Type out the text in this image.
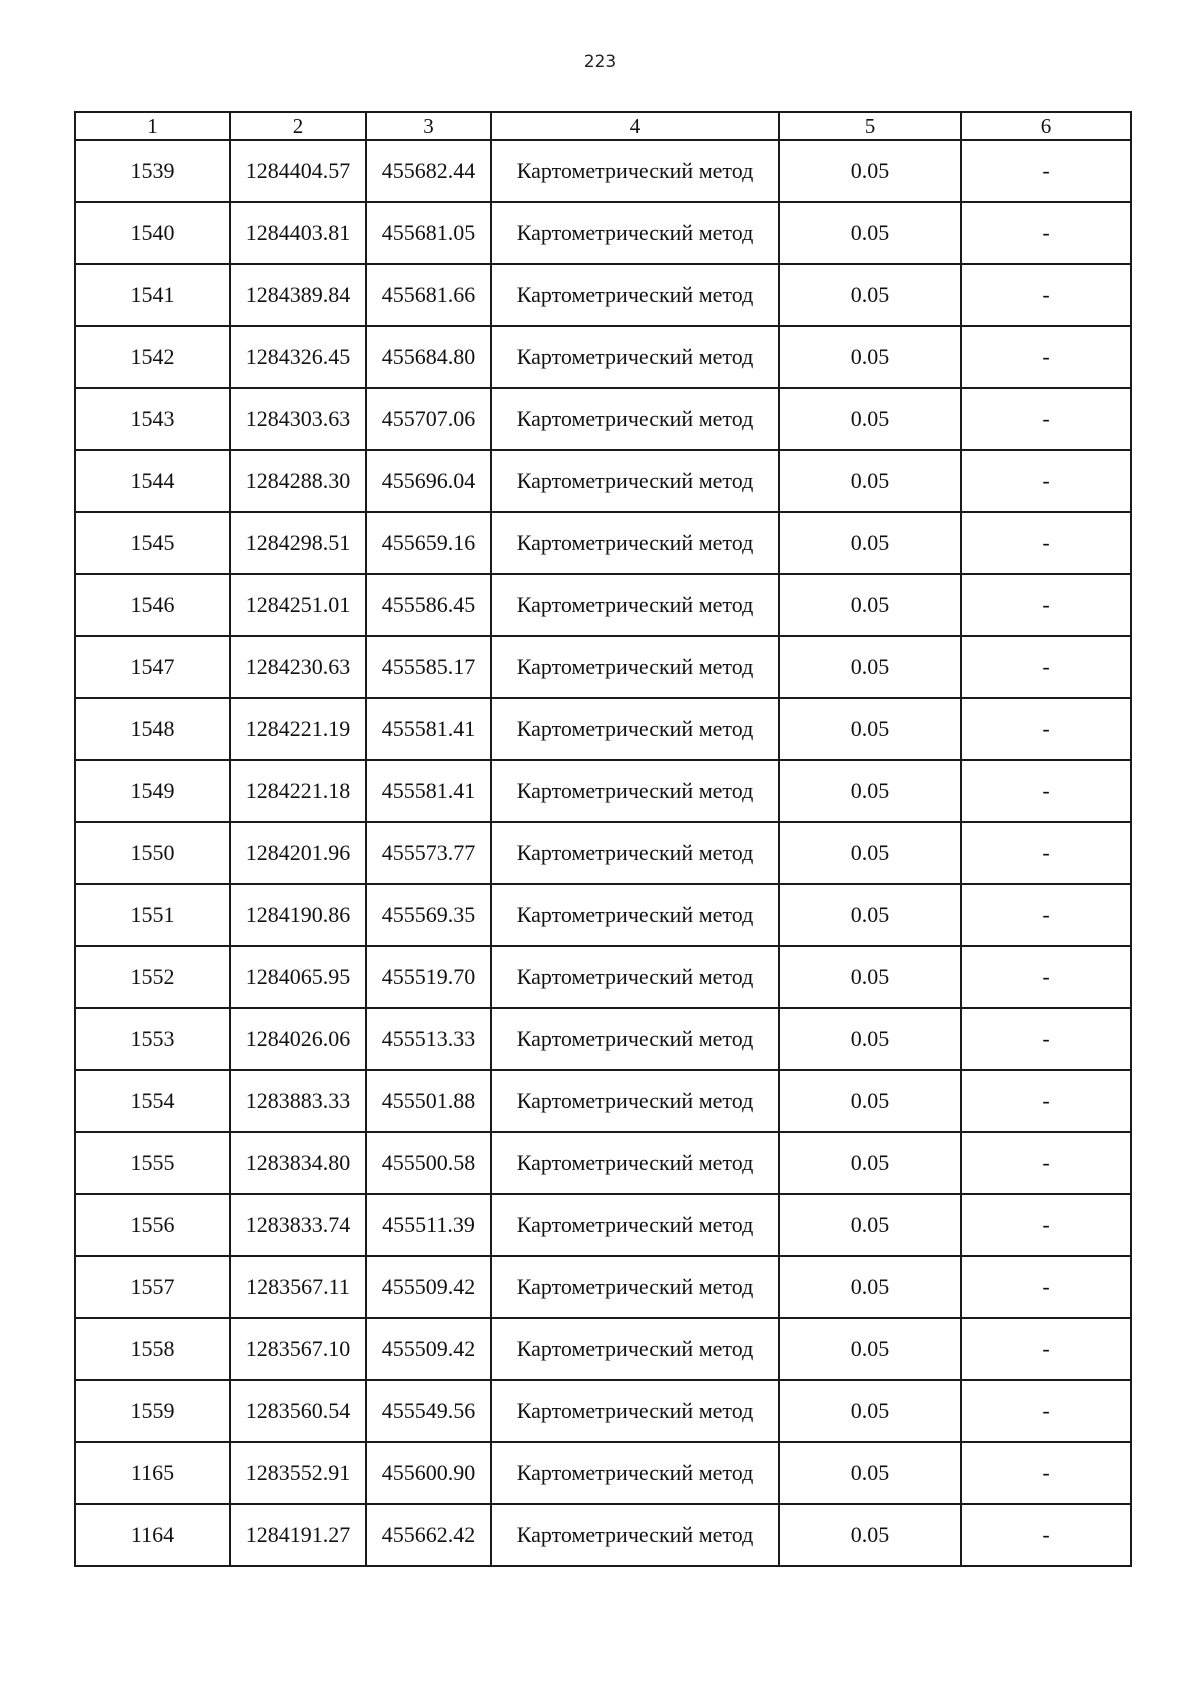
223
1	2	3	4	5	6
1539	1284404.57	455682.44	Картометрический метод	0.05	-
1540	1284403.81	455681.05	Картометрический метод	0.05	-
1541	1284389.84	455681.66	Картометрический метод	0.05	-
1542	1284326.45	455684.80	Картометрический метод	0.05	-
1543	1284303.63	455707.06	Картометрический метод	0.05	-
1544	1284288.30	455696.04	Картометрический метод	0.05	-
1545	1284298.51	455659.16	Картометрический метод	0.05	-
1546	1284251.01	455586.45	Картометрический метод	0.05	-
1547	1284230.63	455585.17	Картометрический метод	0.05	-
1548	1284221.19	455581.41	Картометрический метод	0.05	-
1549	1284221.18	455581.41	Картометрический метод	0.05	-
1550	1284201.96	455573.77	Картометрический метод	0.05	-
1551	1284190.86	455569.35	Картометрический метод	0.05	-
1552	1284065.95	455519.70	Картометрический метод	0.05	-
1553	1284026.06	455513.33	Картометрический метод	0.05	-
1554	1283883.33	455501.88	Картометрический метод	0.05	-
1555	1283834.80	455500.58	Картометрический метод	0.05	-
1556	1283833.74	455511.39	Картометрический метод	0.05	-
1557	1283567.11	455509.42	Картометрический метод	0.05	-
1558	1283567.10	455509.42	Картометрический метод	0.05	-
1559	1283560.54	455549.56	Картометрический метод	0.05	-
1165	1283552.91	455600.90	Картометрический метод	0.05	-
1164	1284191.27	455662.42	Картометрический метод	0.05	-
